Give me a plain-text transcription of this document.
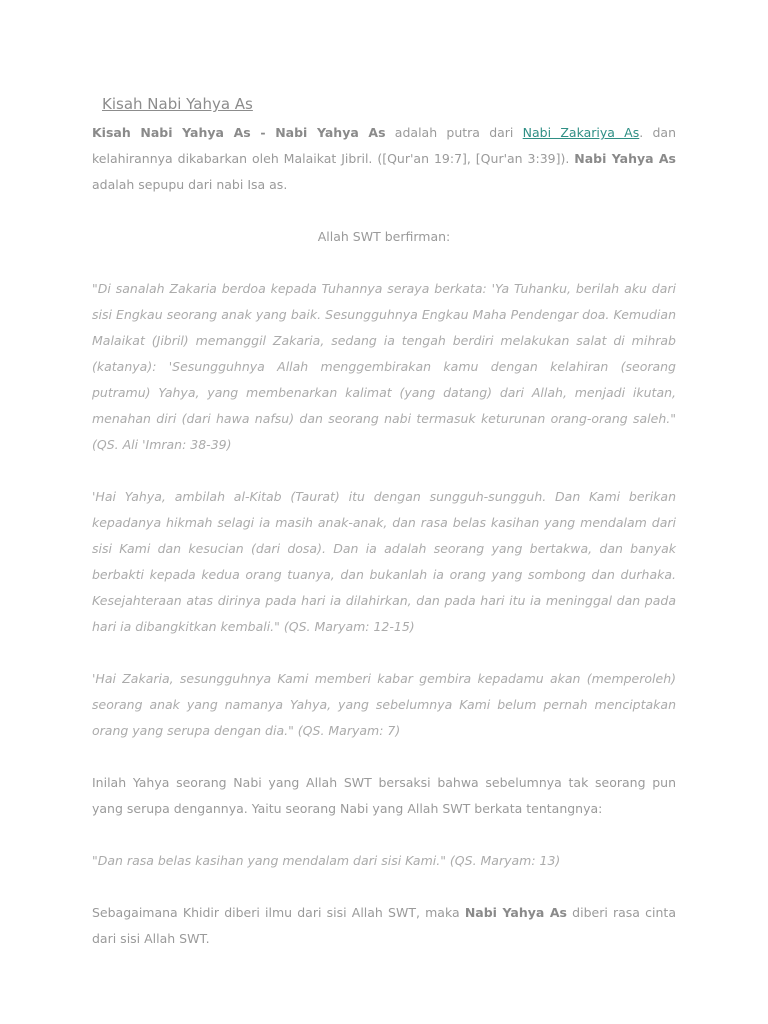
Kisah Nabi Yahya As

Kisah Nabi Yahya As - Nabi Yahya As adalah putra dari Nabi Zakariya As. dan kelahirannya dikabarkan oleh Malaikat Jibril. ([Qur'an 19:7], [Qur'an 3:39]). Nabi Yahya As adalah sepupu dari nabi Isa as.

Allah SWT berfirman:

"Di sanalah Zakaria berdoa kepada Tuhannya seraya berkata: 'Ya Tuhanku, berilah aku dari sisi Engkau seorang anak yang baik. Sesungguhnya Engkau Maha Pendengar doa. Kemudian Malaikat (Jibril) memanggil Zakaria, sedang ia tengah berdiri melakukan salat di mihrab (katanya): 'Sesungguhnya Allah menggembirakan kamu dengan kelahiran (seorang putramu) Yahya, yang membenarkan kalimat (yang datang) dari Allah, menjadi ikutan, menahan diri (dari hawa nafsu) dan seorang nabi termasuk keturunan orang-orang saleh." (QS. Ali 'Imran: 38-39)

'Hai Yahya, ambilah al-Kitab (Taurat) itu dengan sungguh-sungguh. Dan Kami berikan kepadanya hikmah selagi ia masih anak-anak, dan rasa belas kasihan yang mendalam dari sisi Kami dan kesucian (dari dosa). Dan ia adalah seorang yang bertakwa, dan banyak berbakti kepada kedua orang tuanya, dan bukanlah ia orang yang sombong dan durhaka. Kesejahteraan atas dirinya pada hari ia dilahirkan, dan pada hari itu ia meninggal dan pada hari ia dibangkitkan kembali." (QS. Maryam: 12-15)

'Hai Zakaria, sesungguhnya Kami memberi kabar gembira kepadamu akan (memperoleh) seorang anak yang namanya Yahya, yang sebelumnya Kami belum pernah menciptakan orang yang serupa dengan dia." (QS. Maryam: 7)

Inilah Yahya seorang Nabi yang Allah SWT bersaksi bahwa sebelumnya tak seorang pun yang serupa dengannya. Yaitu seorang Nabi yang Allah SWT berkata tentangnya:

"Dan rasa belas kasihan yang mendalam dari sisi Kami." (QS. Maryam: 13)

Sebagaimana Khidir diberi ilmu dari sisi Allah SWT, maka Nabi Yahya As diberi rasa cinta dari sisi Allah SWT.
